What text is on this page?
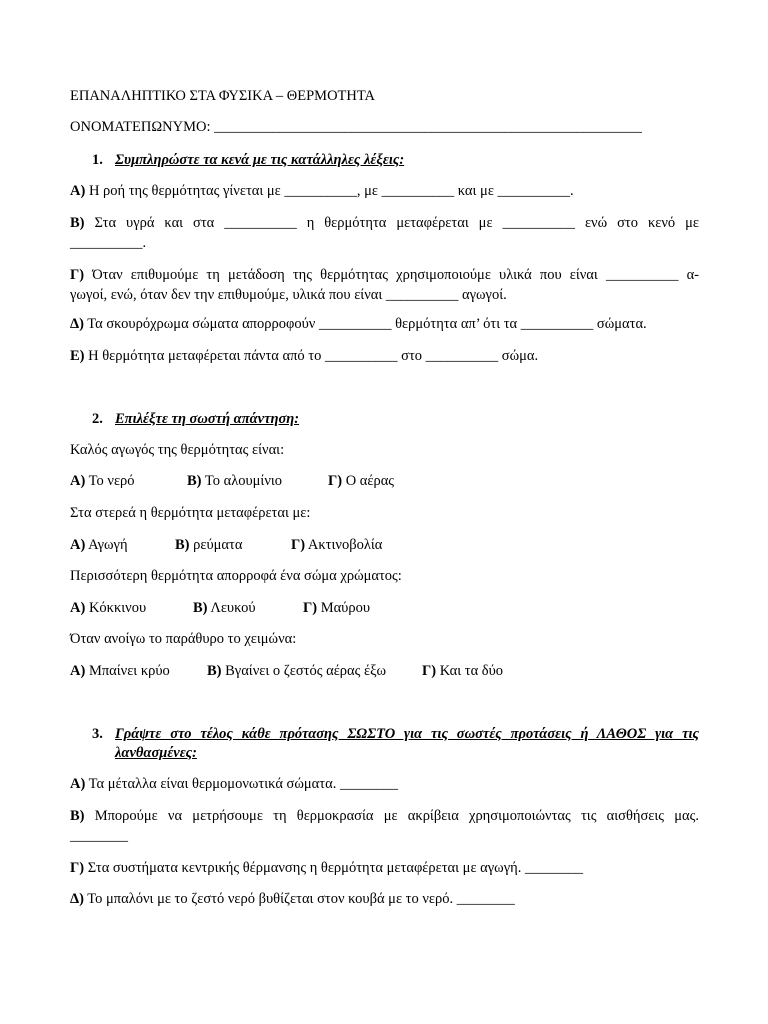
ΕΠΑΝΑΛΗΠΤΙΚΟ ΣΤΑ ΦΥΣΙΚΑ – ΘΕΡΜΟΤΗΤΑ
ΟΝΟΜΑΤΕΠΩΝΥΜΟ: ___________________________________________________________
1. Συμπληρώστε τα κενά με τις κατάλληλες λέξεις:
Α) Η ροή της θερμότητας γίνεται με __________, με __________ και με __________.
Β) Στα υγρά και στα __________ η θερμότητα μεταφέρεται με __________ ενώ στο κενό με
__________.
Γ) Όταν επιθυμούμε τη μετάδοση της θερμότητας χρησιμοποιούμε υλικά που είναι __________ α-
γωγοί, ενώ, όταν δεν την επιθυμούμε, υλικά που είναι __________ αγωγοί.
Δ) Τα σκουρόχρωμα σώματα απορροφούν __________ θερμότητα απ’ ότι τα __________ σώματα.
Ε) Η θερμότητα μεταφέρεται πάντα από το __________ στο __________ σώμα.
2. Επιλέξτε τη σωστή απάντηση:
Καλός αγωγός της θερμότητας είναι:
Α) Το νερό	Β) Το αλουμίνιο	Γ) Ο αέρας
Στα στερεά η θερμότητα μεταφέρεται με:
Α) Αγωγή	Β) ρεύματα	Γ) Ακτινοβολία
Περισσότερη θερμότητα απορροφά ένα σώμα χρώματος:
Α) Κόκκινου	Β) Λευκού	Γ) Μαύρου
Όταν ανοίγω το παράθυρο το χειμώνα:
Α) Μπαίνει κρύο	Β) Βγαίνει ο ζεστός αέρας έξω Γ) Και τα δύο
3. Γράψτε στο τέλος κάθε πρότασης ΣΩΣΤΟ για τις σωστές προτάσεις ή ΛΑΘΟΣ για τις
λανθασμένες:
Α) Τα μέταλλα είναι θερμομονωτικά σώματα. ________
Β) Μπορούμε να μετρήσουμε τη θερμοκρασία με ακρίβεια χρησιμοποιώντας τις αισθήσεις μας.
________
Γ) Στα συστήματα κεντρικής θέρμανσης η θερμότητα μεταφέρεται με αγωγή. ________
Δ) Το μπαλόνι με το ζεστό νερό βυθίζεται στον κουβά με το νερό. ________
